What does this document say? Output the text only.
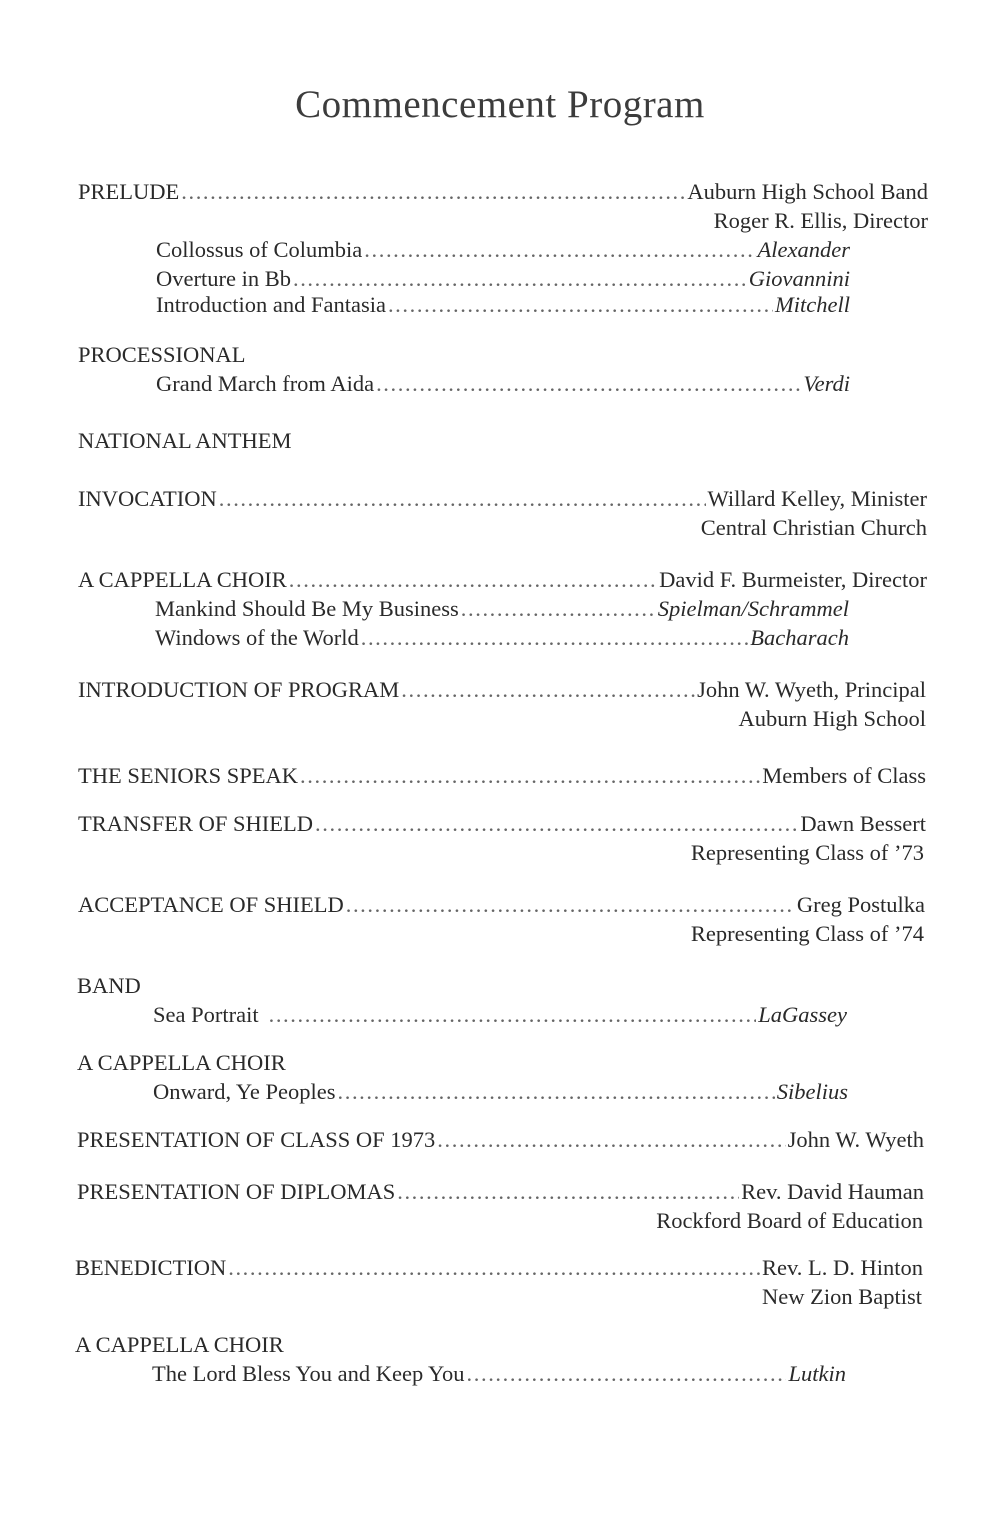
Commencement Program
PRELUDE .....	Auburn High School Band
Roger R. Ellis, Director
Collossus of Columbia .....	Alexander
Overture in Bb .....	Giovannini
Introduction and Fantasia .....	Mitchell
PROCESSIONAL
Grand March from Aida .....	Verdi
NATIONAL ANTHEM
INVOCATION .....	Willard Kelley, Minister
Central Christian Church
A CAPPELLA CHOIR .....	David F. Burmeister, Director
Mankind Should Be My Business .....	Spielman/Schrammel
Windows of the World .....	Bacharach
INTRODUCTION OF PROGRAM .....	John W. Wyeth, Principal
Auburn High School
THE SENIORS SPEAK .....	Members of Class
TRANSFER OF SHIELD .....	Dawn Bessert
Representing Class of ’73
ACCEPTANCE OF SHIELD .....	Greg Postulka
Representing Class of ’74
BAND
Sea Portrait .....	LaGassey
A CAPPELLA CHOIR
Onward, Ye Peoples .....	Sibelius
PRESENTATION OF CLASS OF 1973 .....	John W. Wyeth
PRESENTATION OF DIPLOMAS .....	Rev. David Hauman
Rockford Board of Education
BENEDICTION .....	Rev. L. D. Hinton
New Zion Baptist
A CAPPELLA CHOIR
The Lord Bless You and Keep You .....	Lutkin
